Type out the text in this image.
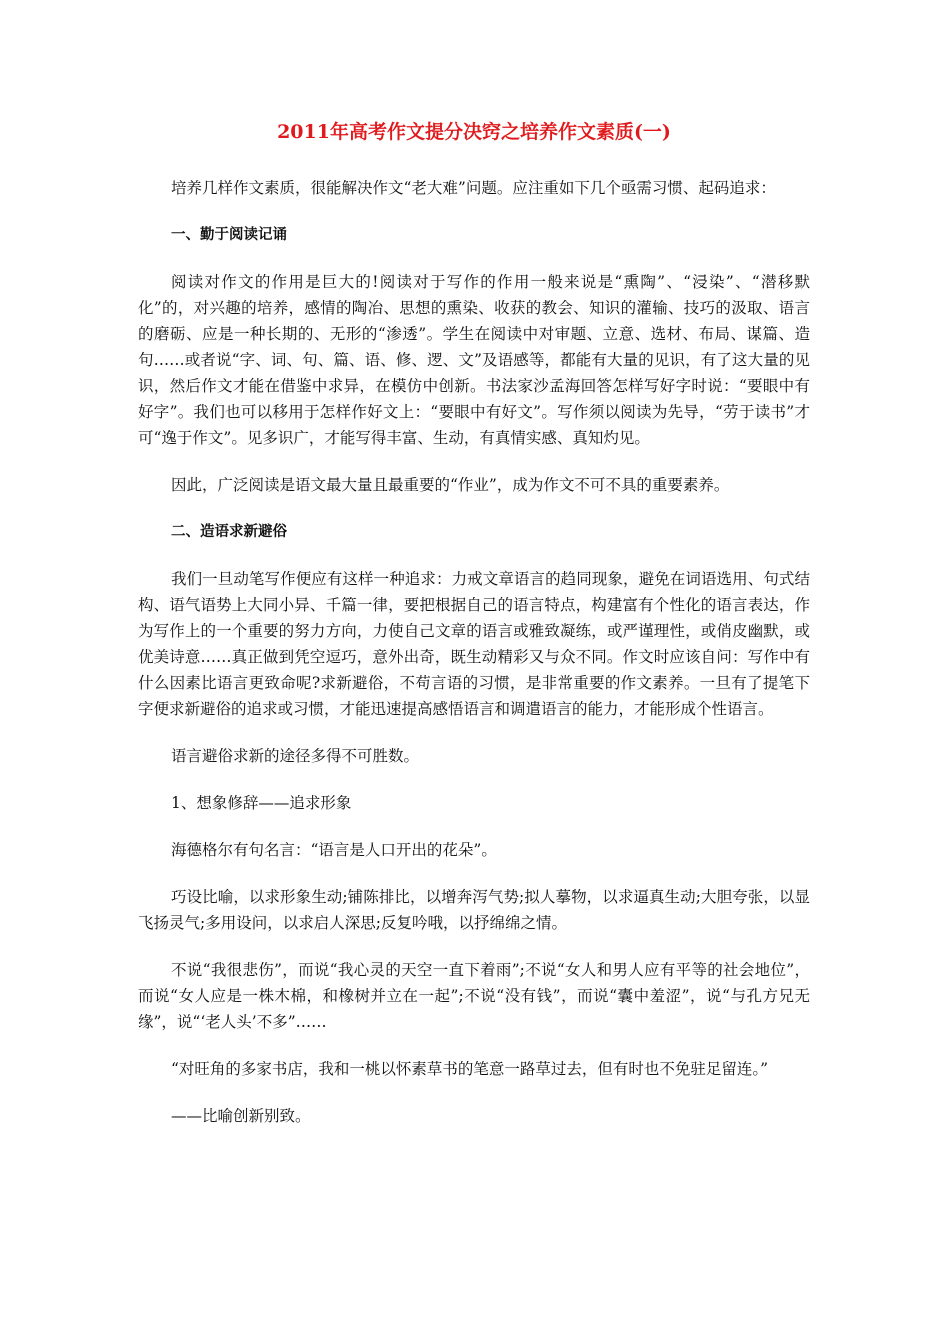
2011年高考作文提分决窍之培养作文素质(一)

培养几样作文素质，很能解决作文“老大难”问题。应注重如下几个亟需习惯、起码追求：

一、勤于阅读记诵

阅读对作文的作用是巨大的!阅读对于写作的作用一般来说是“熏陶”、“浸染”、“潜移默化”的，对兴趣的培养，感情的陶冶、思想的熏染、收获的教会、知识的灌输、技巧的汲取、语言的磨砺、应是一种长期的、无形的“渗透”。学生在阅读中对审题、立意、选材、布局、谋篇、造句……或者说“字、词、句、篇、语、修、逻、文”及语感等，都能有大量的见识，有了这大量的见识，然后作文才能在借鉴中求异，在模仿中创新。书法家沙孟海回答怎样写好字时说：“要眼中有好字”。我们也可以移用于怎样作好文上：“要眼中有好文”。写作须以阅读为先导，“劳于读书”才可“逸于作文”。见多识广，才能写得丰富、生动，有真情实感、真知灼见。

因此，广泛阅读是语文最大量且最重要的“作业”，成为作文不可不具的重要素养。

二、造语求新避俗

我们一旦动笔写作便应有这样一种追求：力戒文章语言的趋同现象，避免在词语选用、句式结构、语气语势上大同小异、千篇一律，要把根据自己的语言特点，构建富有个性化的语言表达，作为写作上的一个重要的努力方向，力使自己文章的语言或雅致凝练，或严谨理性，或俏皮幽默，或优美诗意……真正做到凭空逗巧，意外出奇，既生动精彩又与众不同。作文时应该自问：写作中有什么因素比语言更致命呢?求新避俗，不苟言语的习惯，是非常重要的作文素养。一旦有了提笔下字便求新避俗的追求或习惯，才能迅速提高感悟语言和调遣语言的能力，才能形成个性语言。

语言避俗求新的途径多得不可胜数。

1、想象修辞——追求形象

海德格尔有句名言：“语言是人口开出的花朵”。

巧设比喻，以求形象生动;铺陈排比，以增奔泻气势;拟人摹物，以求逼真生动;大胆夸张，以显飞扬灵气;多用设问，以求启人深思;反复吟哦，以抒绵绵之情。

不说“我很悲伤”，而说“我心灵的天空一直下着雨”;不说“女人和男人应有平等的社会地位”，而说“女人应是一株木棉，和橡树并立在一起”;不说“没有钱”，而说“囊中羞涩”，说“与孔方兄无缘”，说“‘老人头’不多”……

“对旺角的多家书店，我和一桃以怀素草书的笔意一路草过去，但有时也不免驻足留连。”

——比喻创新别致。
